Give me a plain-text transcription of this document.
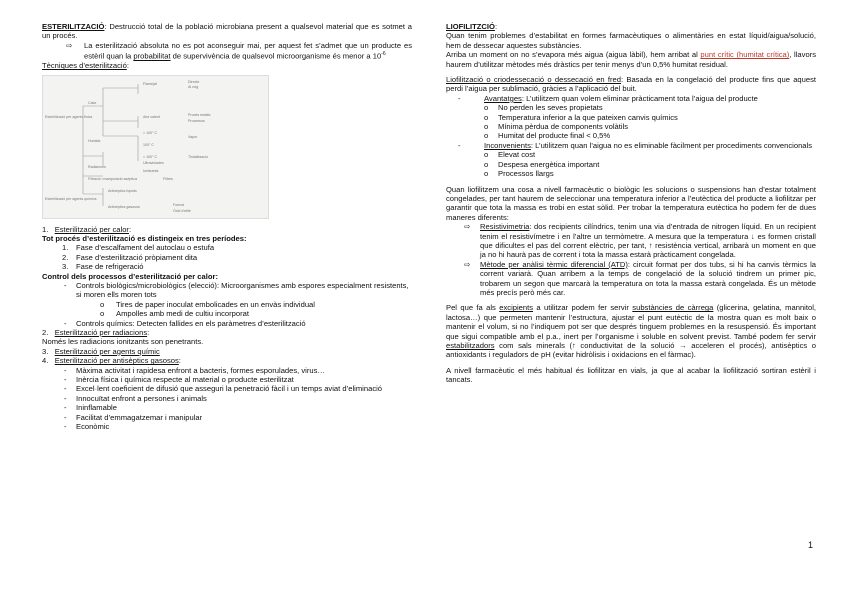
ESTERILITZACIÓ: Destrucció total de la població microbiana present a qualsevol material que es sotmet a un procés.

⇨ La esterilització absoluta no es pot aconseguir mai, per aquest fet s’admet que un producte es estèril quan la probabilitat de supervivència de qualsevol microorganisme és menor a $10^{-6}$

Tècniques d’esterilització:

Flamejat	Directe
Al roig
Aire calent	Procés estàtic
Processos
Esterilització per agents físics
Calor
Humida
> 100° C
100° C
< 100° C
Vapor
Tindalització
Radiacions
Ultraviolades
Ionitzants
Filtració i manipulació asèptica	Filtres
Esterilització per agents químics
Antisèptics líquids
Antisèptics gasosos	Formol
Òxid d’etilè

1. Esterilització per calor:

Tot procés d’esterilització es distingeix en tres períodes:

1. Fase d’escalfament del autoclau o estufa

2. Fase d’esterilització pròpiament dita

3. Fase de refrigeració

Control dels processos d’esterilització per calor:

- Controls biològics/microbiològics (elecció): Microorganismes amb espores especialment resistents, si moren ells moren tots

o Tires de paper inoculat embolicades en un envàs individual

o Ampolles amb medi de cultiu incorporat

- Controls químics: Detecten fallides en els paràmetres d’esterilització

2. Esterilització per radiacions:

Només les radiacions ionitzants son penetrants.

3. Esterilització per agents químic

4. Esterilització per antisèptics gasosos:

- Màxima activitat i rapidesa enfront a bacteris, formes esporulades, virus…

- Inèrcia física i química respecte al material o producte esterilitzat

- Excel·lent coeficient de difusió que asseguri la penetració fàcil i un temps aviat d’eliminació

- Innocuïtat enfront a persones i animals

- Ininflamable

- Facilitat d’emmagatzemar i manipular

- Econòmic

LIOFILITZCIÓ:

Quan tenim problemes d’estabilitat en formes farmacèutiques o alimentàries en estat líquid/aigua/solució, hem de dessecar aquestes substàncies.

Arriba un moment on no s’evapora més aigua (aigua làbil), hem arribat al punt crític (humitat crítica), llavors haurem d’utilitzar mètodes més dràstics per tenir menys d’un 0,5% humitat residual.

Liofilització o criodessecació o dessecació en fred: Basada en la congelació del producte fins que aquest perdi l’aigua per sublimació, gràcies a l’aplicació del buit.

-	Avantatges: L’utilitzem quan volem eliminar pràcticament tota l’aigua del producte

o No perden les seves propietats

o Temperatura inferior a la que pateixen canvis químics

o Mínima pèrdua de components volàtils

o Humitat del producte final < 0,5%

-	Inconvenients: L’utilitzem quan l’aigua no es eliminable fàcilment per procediments convencionals

o Elevat cost

o Despesa energètica important

o Processos llargs

Quan liofilitzem una cosa a nivell farmacèutic o biològic les solucions o suspensions han d’estar totalment congelades, per tant haurem de seleccionar una temperatura inferior a l’eutèctica del producte a liofilitzar per garantir que tota la massa es trobi en estat sòlid. Per trobar la temperatura eutèctica ho podem fer de dues maneres diferents:

⇨ Resistivimetria: dos recipients cilíndrics, tenim una via d’entrada de nitrogen líquid. En un recipient tenim el resistivímetre i en l’altre un termòmetre. A mesura que la temperatura ↓ es formen cristall que dificultes el pas del corrent elèctric, per tant, ↑ resistència vertical, arribarà un moment en que ja no hi haurà pas de corrent i tota la massa estarà pràcticament congelada.

⇨ Mètode per anàlisi tèrmic diferencial (ATD): circuit format per dos tubs, si hi ha canvis tèrmics la corrent variarà. Quan arribem a la temps de congelació de la solució tindrem un primer pic, trobarem un segon que marcarà la temperatura on tota la massa estarà congelada. És un mètode més precís però més car.

Pel que fa als excipients a utilitzar podem fer servir substàncies de càrrega (glicerina, gelatina, mannitol, lactosa…) que permeten mantenir l’estructura, ajustar el punt eutèctic de la mostra quan es molt baix o mantenir el volum, si no l’indiquem pot ser que després tinguem problemes en la resuspensió. És important que sigui compatible amb el p.a., inert per l’organisme i soluble en solvent previst. També podem fer servir estabilitzadors com sals minerals (↑ conductivitat de la solució → acceleren el procés), antisèptics o antioxidants i reguladors de pH (evitar hidròlisis i oxidacions en el fàrmac).

A nivell farmacèutic el més habitual és liofilitzar en vials, ja que al acabar la liofilització sortiran estèril i tancats.

1
